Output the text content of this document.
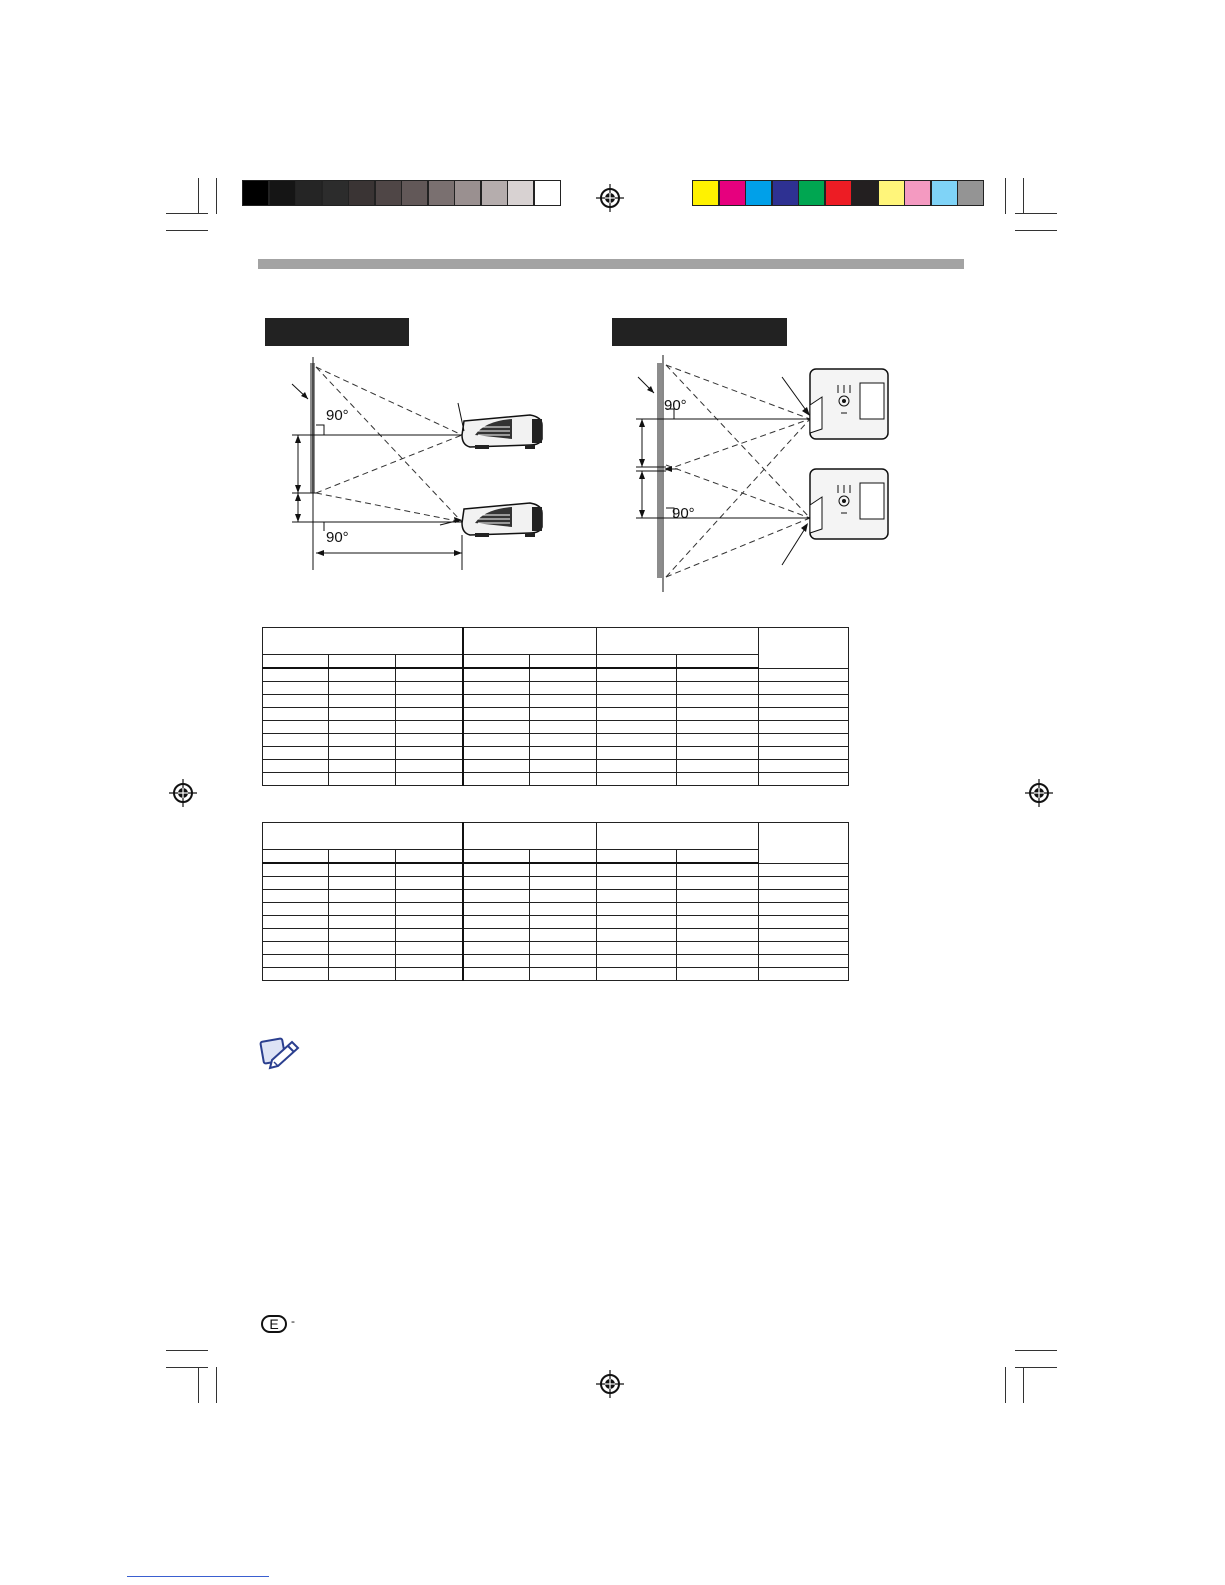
90°
90°
90°
90°

E	-
